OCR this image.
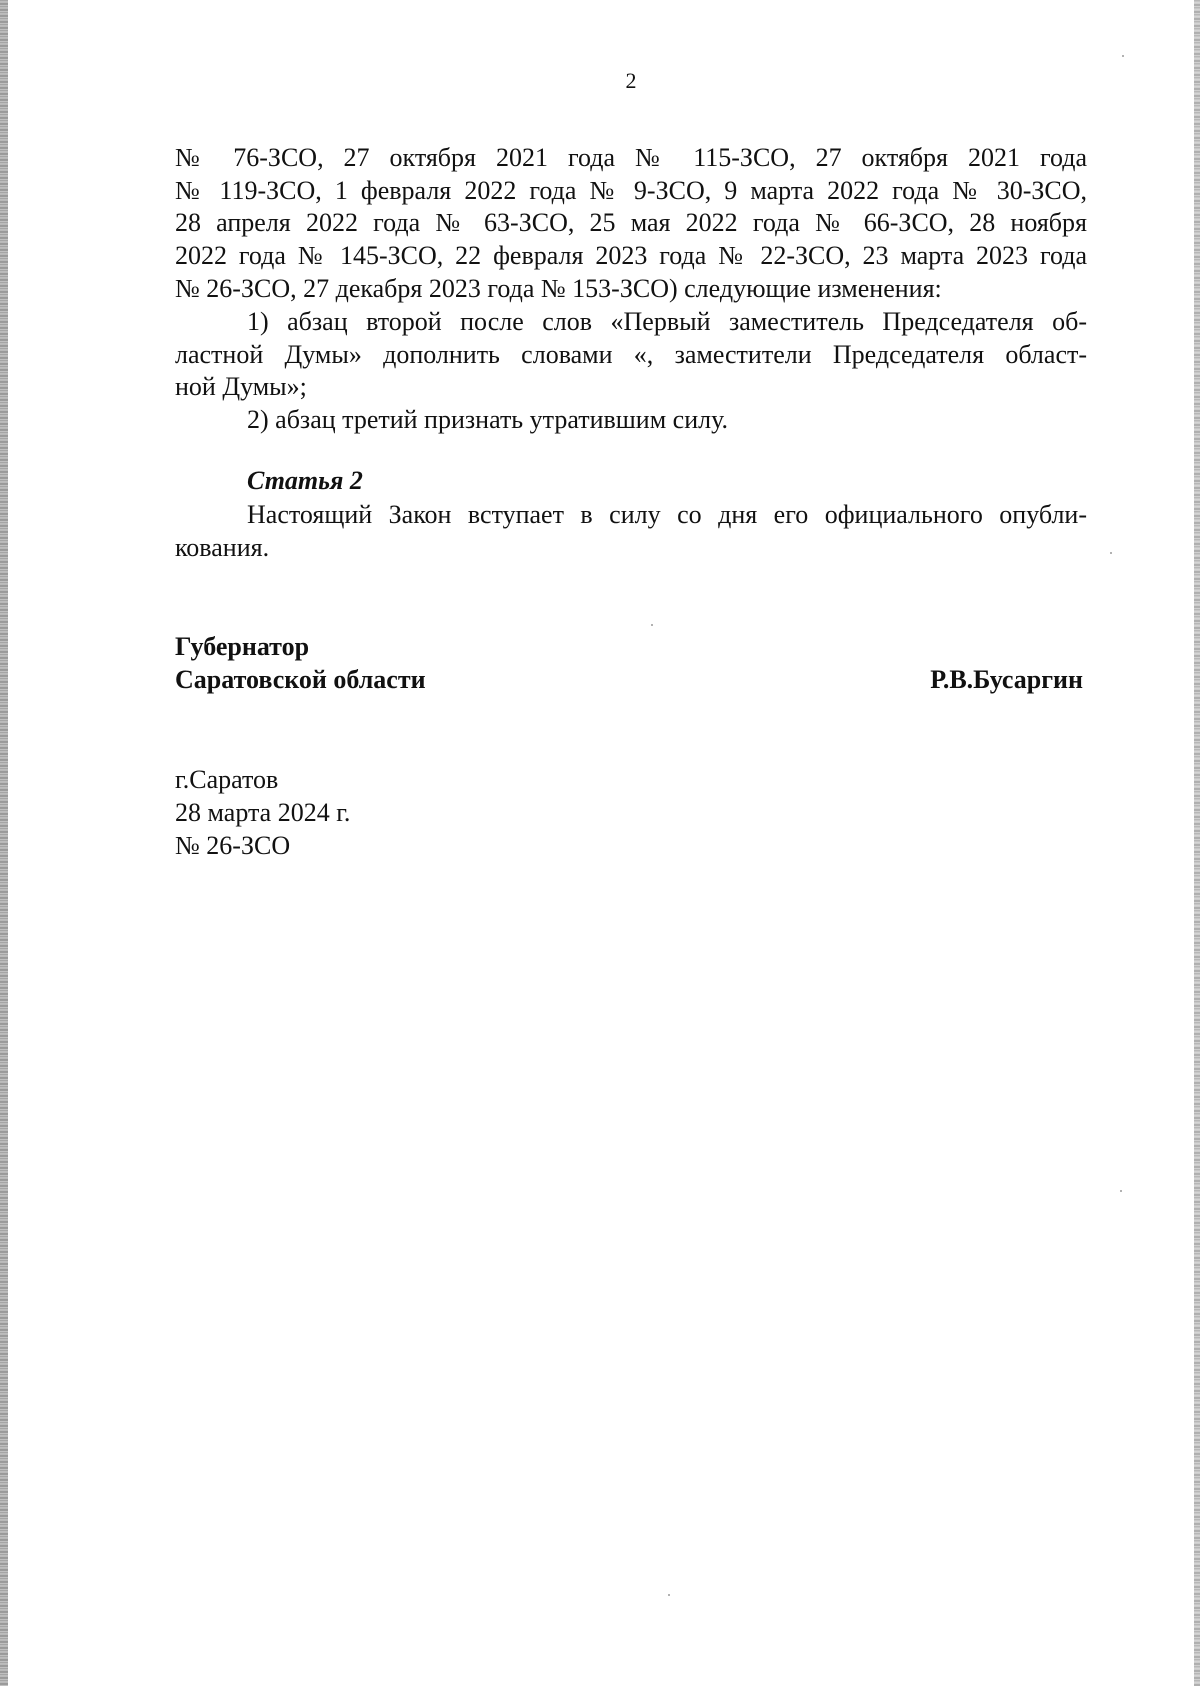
2
№ 76-ЗСО, 27 октября 2021 года № 115-ЗСО, 27 октября 2021 года
№ 119-ЗСО, 1 февраля 2022 года № 9-ЗСО, 9 марта 2022 года № 30-ЗСО,
28 апреля 2022 года № 63-ЗСО, 25 мая 2022 года № 66-ЗСО, 28 ноября
2022 года № 145-ЗСО, 22 февраля 2023 года № 22-ЗСО, 23 марта 2023 года
№ 26-ЗСО, 27 декабря 2023 года № 153-ЗСО) следующие изменения:
1) абзац второй после слов «Первый заместитель Председателя об-
ластной Думы» дополнить словами «, заместители Председателя област-
ной Думы»;
2) абзац третий признать утратившим силу.
Статья 2
Настоящий Закон вступает в силу со дня его официального опубли-
кования.
Губернатор
Саратовской области	Р.В.Бусаргин
г.Саратов
28 марта 2024 г.
№ 26-ЗСО
